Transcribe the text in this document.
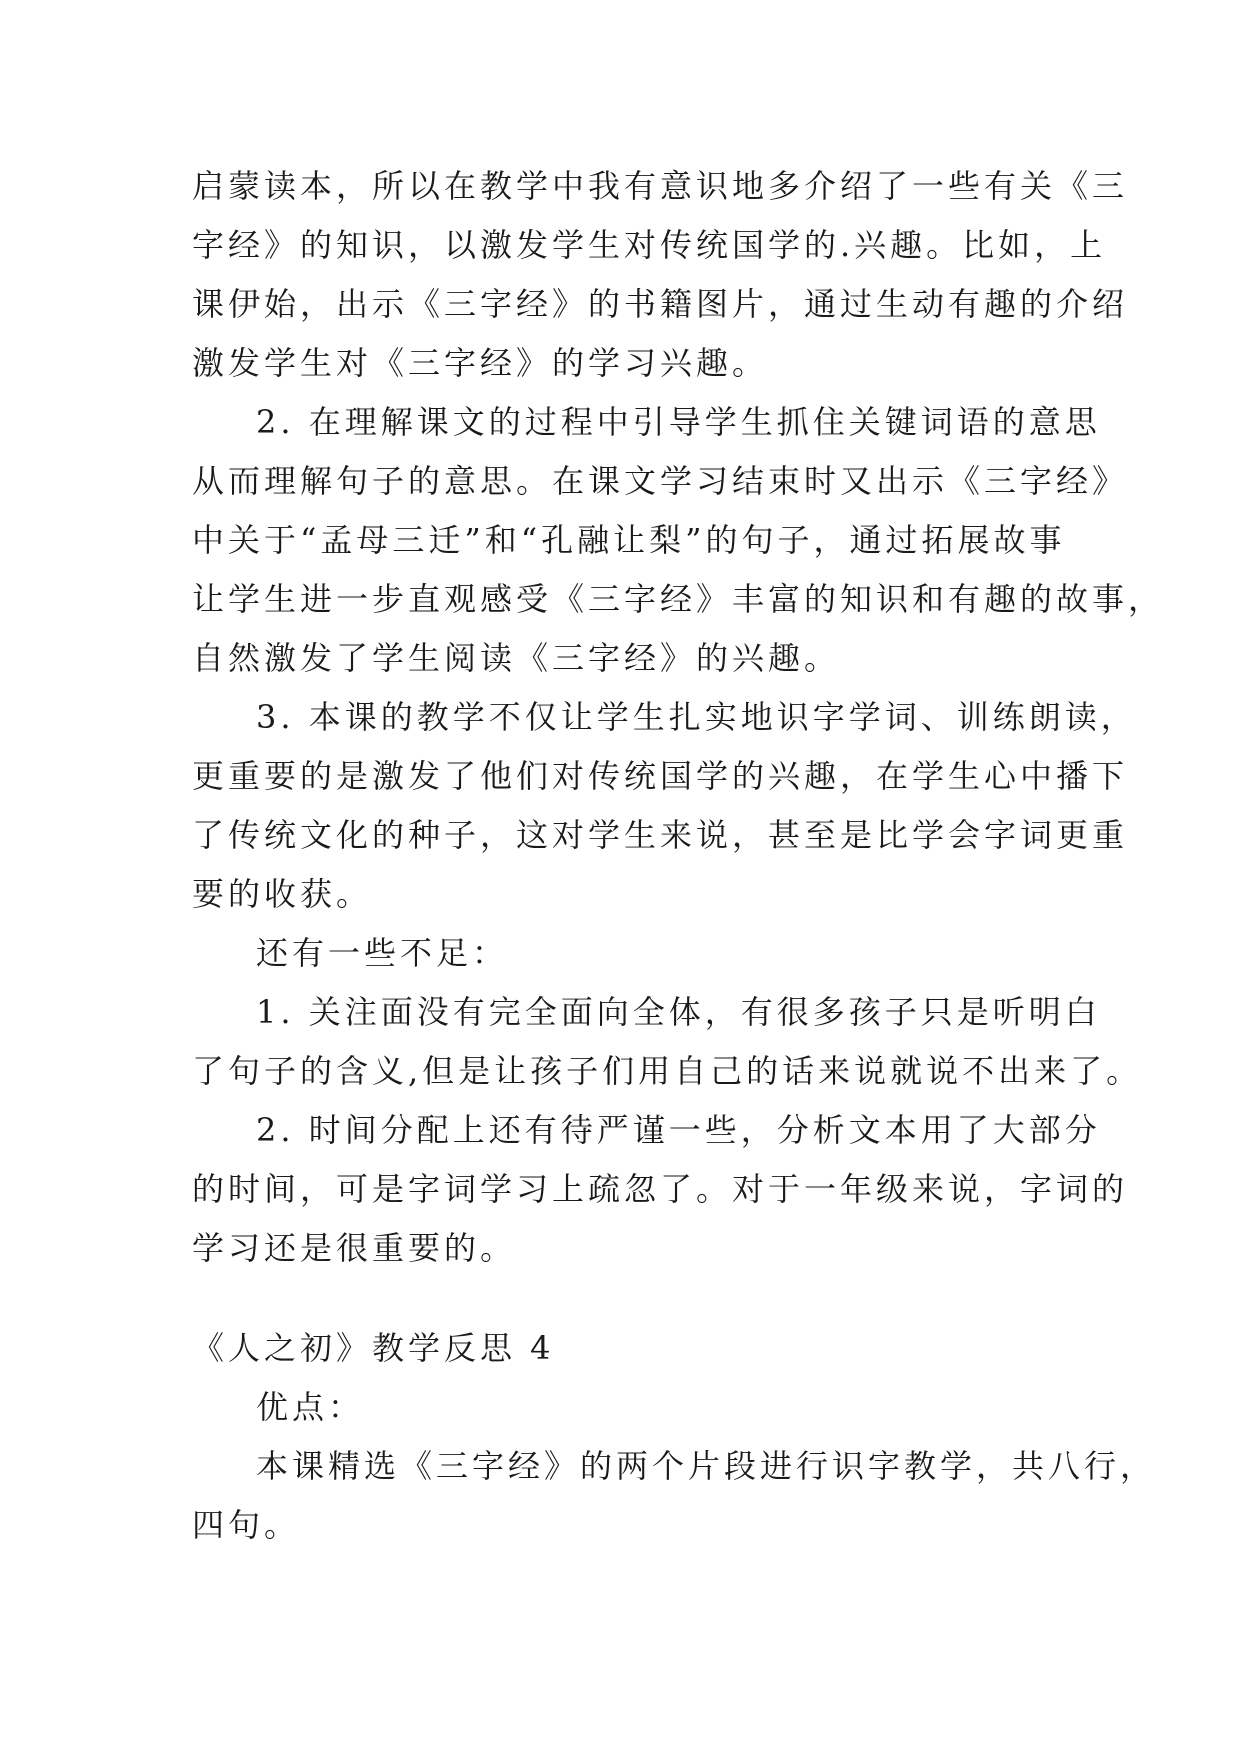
启蒙读本，所以在教学中我有意识地多介绍了一些有关《三
字经》的知识，以激发学生对传统国学的.兴趣。比如，上
课伊始，出示《三字经》的书籍图片，通过生动有趣的介绍
激发学生对《三字经》的学习兴趣。
2. 在理解课文的过程中引导学生抓住关键词语的意思
从而理解句子的意思。在课文学习结束时又出示《三字经》
中关于“孟母三迁”和“孔融让梨”的句子，通过拓展故事
让学生进一步直观感受《三字经》丰富的知识和有趣的故事，
自然激发了学生阅读《三字经》的兴趣。
3. 本课的教学不仅让学生扎实地识字学词、训练朗读，
更重要的是激发了他们对传统国学的兴趣，在学生心中播下
了传统文化的种子，这对学生来说，甚至是比学会字词更重
要的收获。
还有一些不足：
1. 关注面没有完全面向全体，有很多孩子只是听明白
了句子的含义,但是让孩子们用自己的话来说就说不出来了。
2. 时间分配上还有待严谨一些，分析文本用了大部分
的时间，可是字词学习上疏忽了。对于一年级来说，字词的
学习还是很重要的。
《人之初》教学反思 4
优点：
本课精选《三字经》的两个片段进行识字教学，共八行，
四句。
